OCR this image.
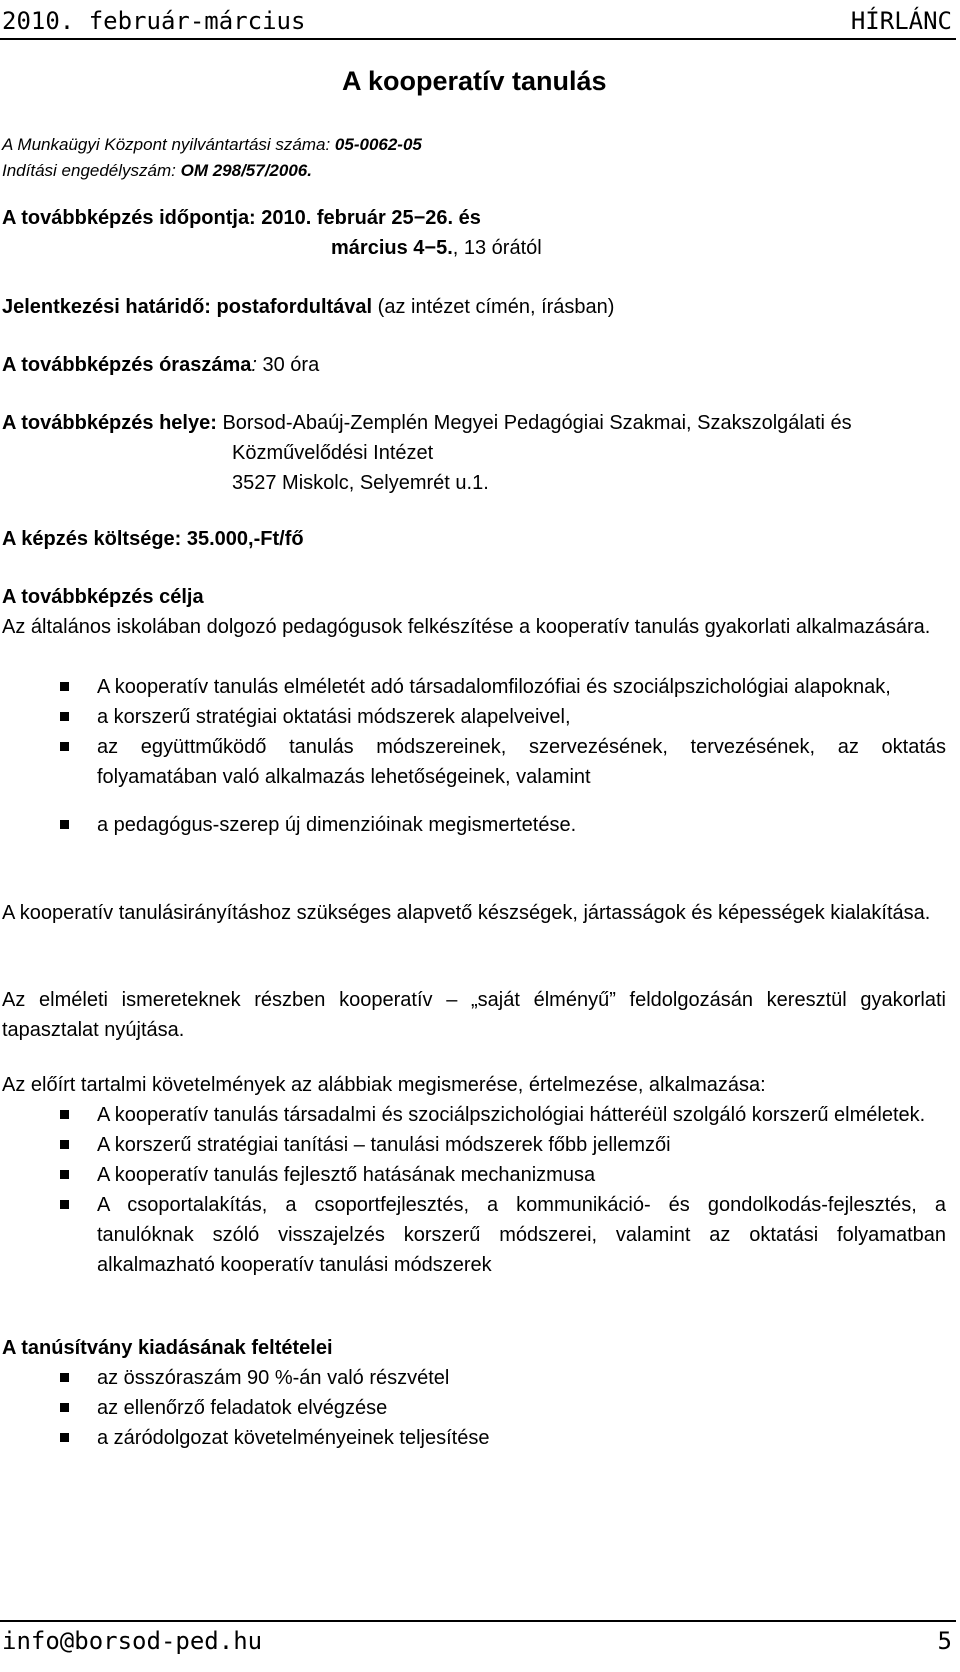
2010. február-március	HÍRLÁNC
A kooperatív tanulás
A Munkaügyi Központ nyilvántartási száma: 05-0062-05
Indítási engedélyszám: OM 298/57/2006.
A továbbképzés időpontja: 2010. február 25−26. és
március 4−5., 13 órától
Jelentkezési határidő: postafordultával (az intézet címén, írásban)
A továbbképzés óraszáma: 30 óra
A továbbképzés helye: Borsod-Abaúj-Zemplén Megyei Pedagógiai Szakmai, Szakszolgálati és
Közművelődési Intézet
3527 Miskolc, Selyemrét u.1.
A képzés költsége: 35.000,-Ft/fő
A továbbképzés célja
Az általános iskolában dolgozó pedagógusok felkészítése a kooperatív tanulás gyakorlati alkalmazására.
A kooperatív tanulás elméletét adó társadalomfilozófiai és szociálpszichológiai alapoknak,
a korszerű stratégiai oktatási módszerek alapelveivel,
az együttműködő tanulás módszereinek, szervezésének, tervezésének, az oktatás folyamatában való alkalmazás lehetőségeinek, valamint
a pedagógus-szerep új dimenzióinak megismertetése.
A kooperatív tanulásirányításhoz szükséges alapvető készségek, jártasságok és képességek kialakítása.
Az elméleti ismereteknek részben kooperatív – „saját élményű” feldolgozásán keresztül gyakorlati tapasztalat nyújtása.
Az előírt tartalmi követelmények az alábbiak megismerése, értelmezése, alkalmazása:
A kooperatív tanulás társadalmi és szociálpszichológiai hátteréül szolgáló korszerű elméletek.
A korszerű stratégiai tanítási – tanulási módszerek főbb jellemzői
A kooperatív tanulás fejlesztő hatásának mechanizmusa
A csoportalakítás, a csoportfejlesztés, a kommunikáció- és gondolkodás-fejlesztés, a tanulóknak szóló visszajelzés korszerű módszerei, valamint az oktatási folyamatban alkalmazható kooperatív tanulási módszerek
A tanúsítvány kiadásának feltételei
az összóraszám 90 %-án való részvétel
az ellenőrző feladatok elvégzése
a záródolgozat követelményeinek teljesítése
info@borsod-ped.hu	5
